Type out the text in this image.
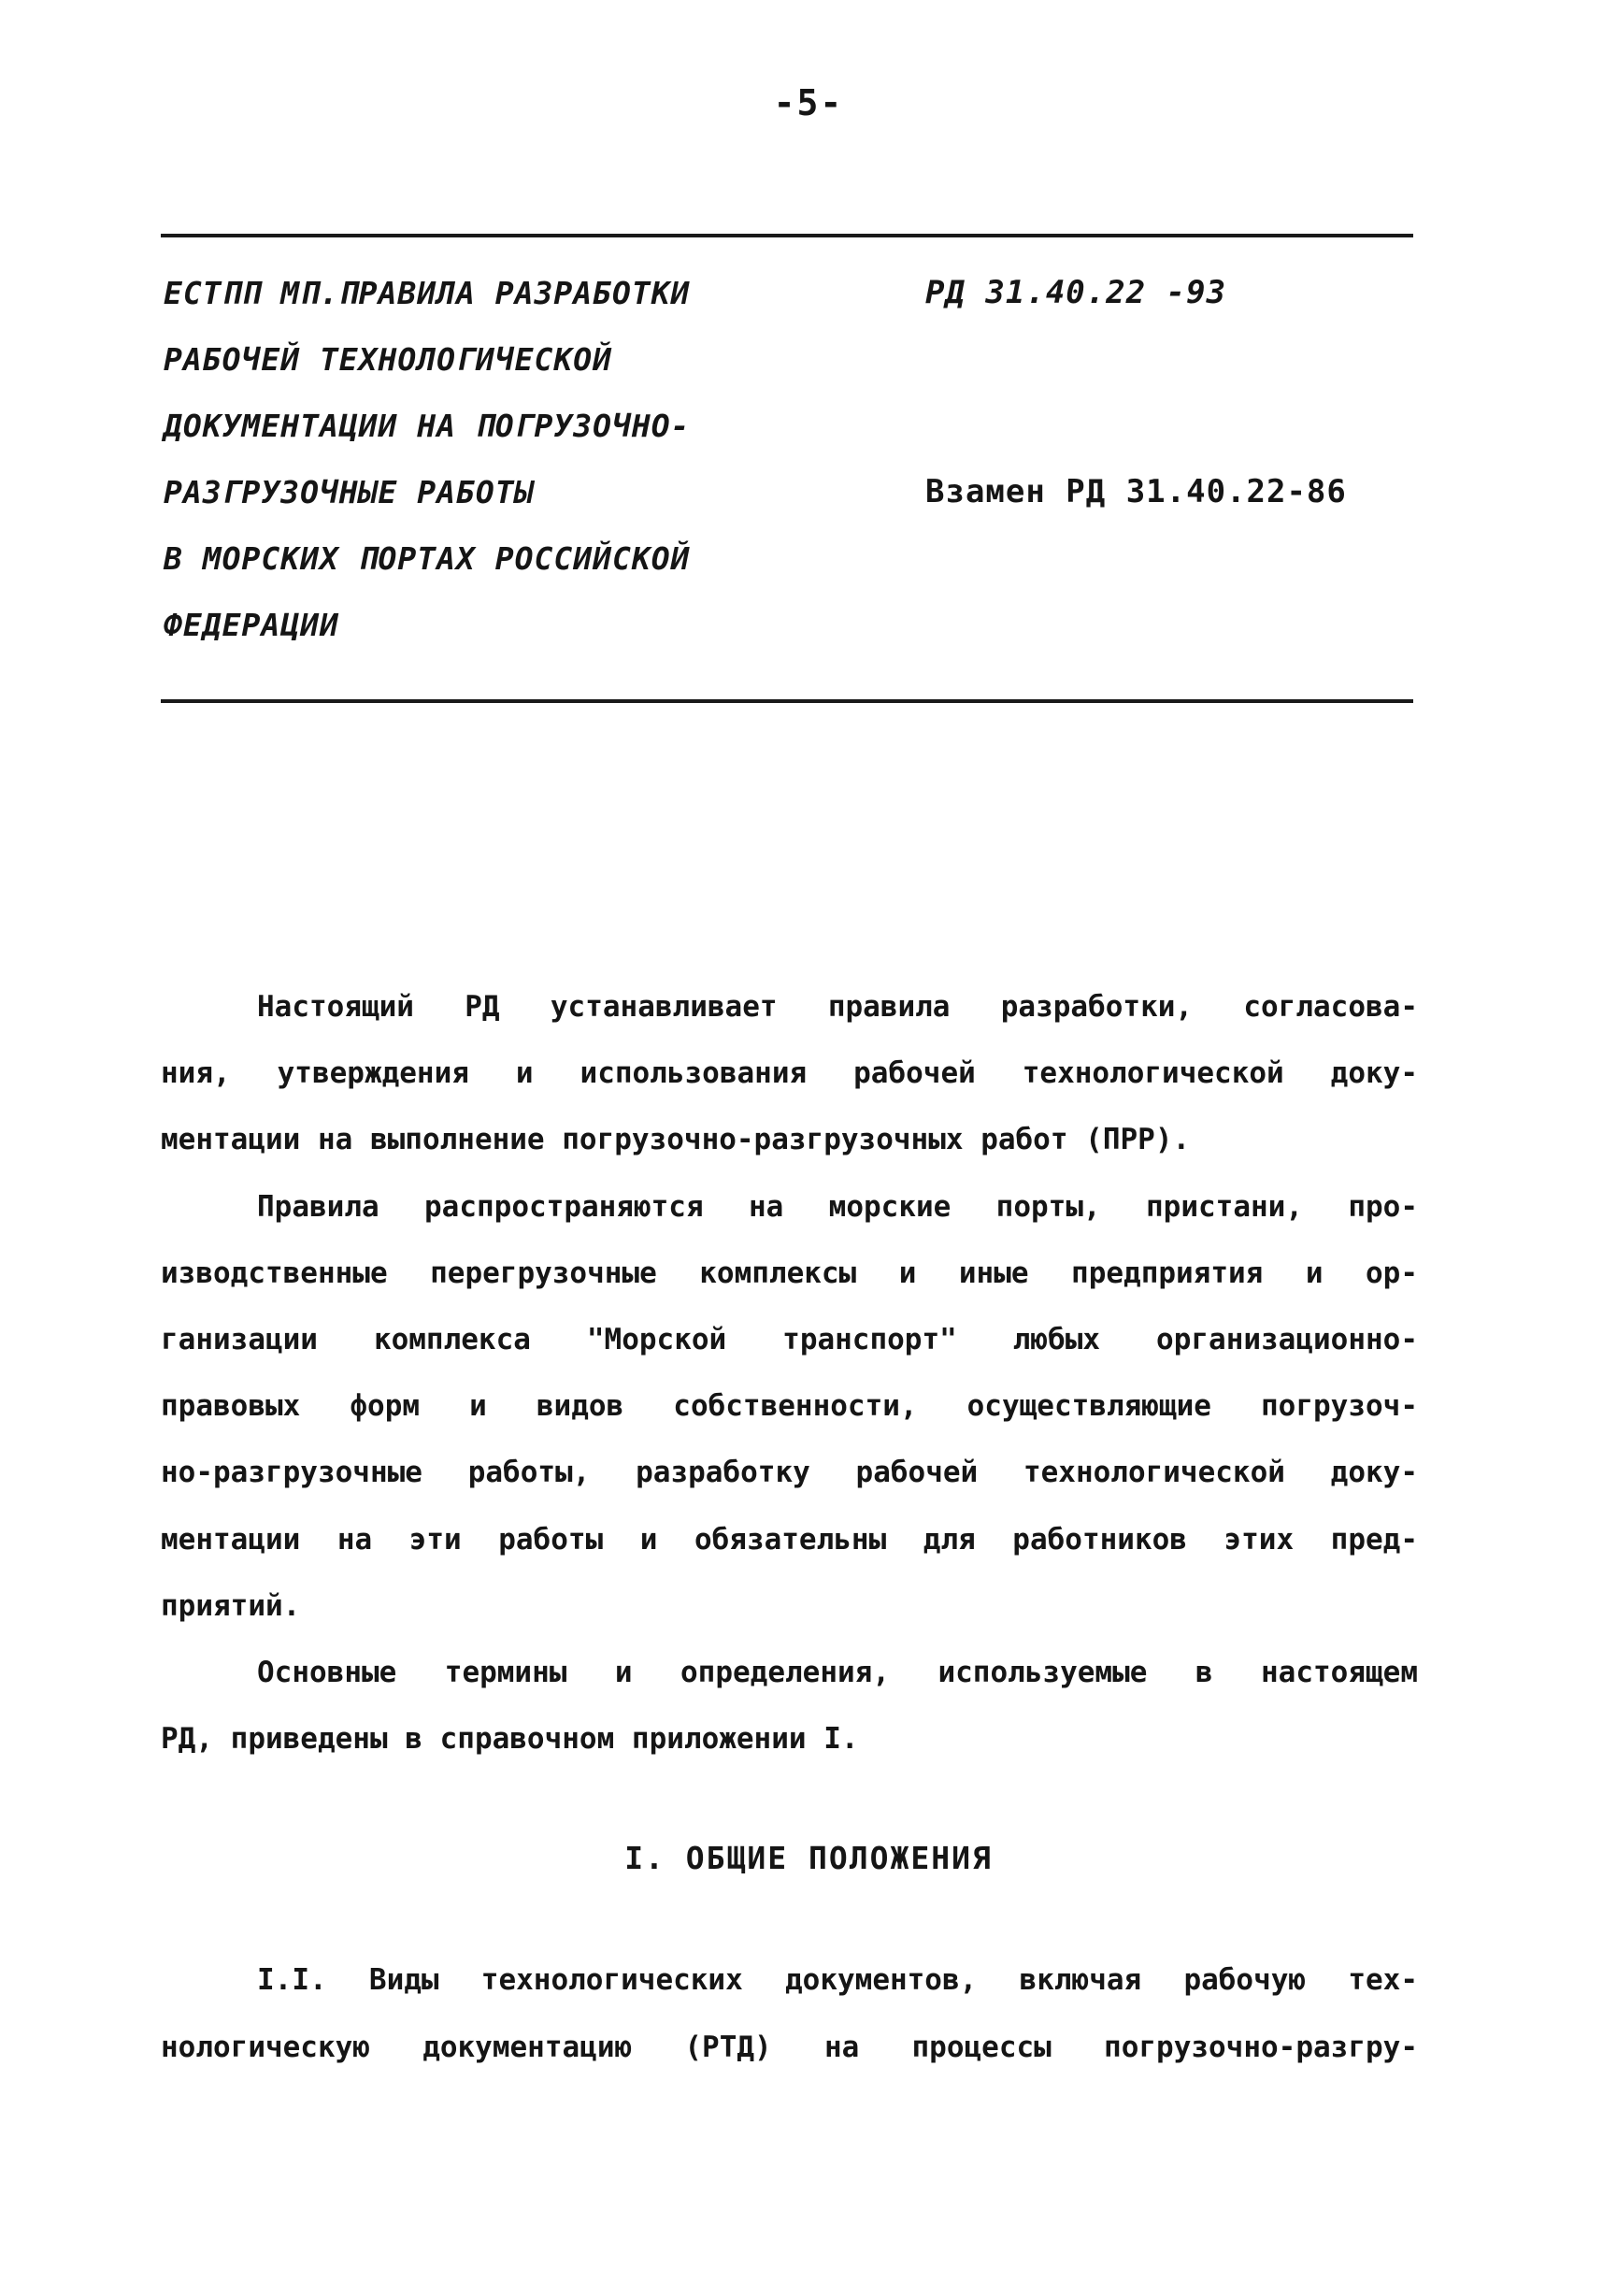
-5-
ЕСТПП МП.ПРАВИЛА РАЗРАБОТКИ
РАБОЧЕЙ ТЕХНОЛОГИЧЕСКОЙ
ДОКУМЕНТАЦИИ НА ПОГРУЗОЧНО-
РАЗГРУЗОЧНЫЕ РАБОТЫ
В МОРСКИХ ПОРТАХ РОССИЙСКОЙ
ФЕДЕРАЦИИ
РД 31.40.22 -93
Взамен РД 31.40.22-86

Настоящий РД устанавливает правила разработки, согласова-
ния, утверждения и использования рабочей технологической доку-
ментации на выполнение погрузочно-разгрузочных работ (ПРР).

Правила распространяются на морские порты, пристани, про-
изводственные перегрузочные комплексы и иные предприятия и ор-
ганизации комплекса "Морской транспорт" любых организационно-
правовых форм и видов собственности, осуществляющие погрузоч-
но-разгрузочные работы, разработку рабочей технологической доку-
ментации на эти работы и обязательны для работников этих пред-
приятий.

Основные термины и определения, используемые в настоящем
РД, приведены в справочном приложении I.

I. ОБЩИЕ ПОЛОЖЕНИЯ
I.I. Виды технологических документов, включая рабочую тех-
нологическую документацию (РТД) на процессы погрузочно-разгру-
